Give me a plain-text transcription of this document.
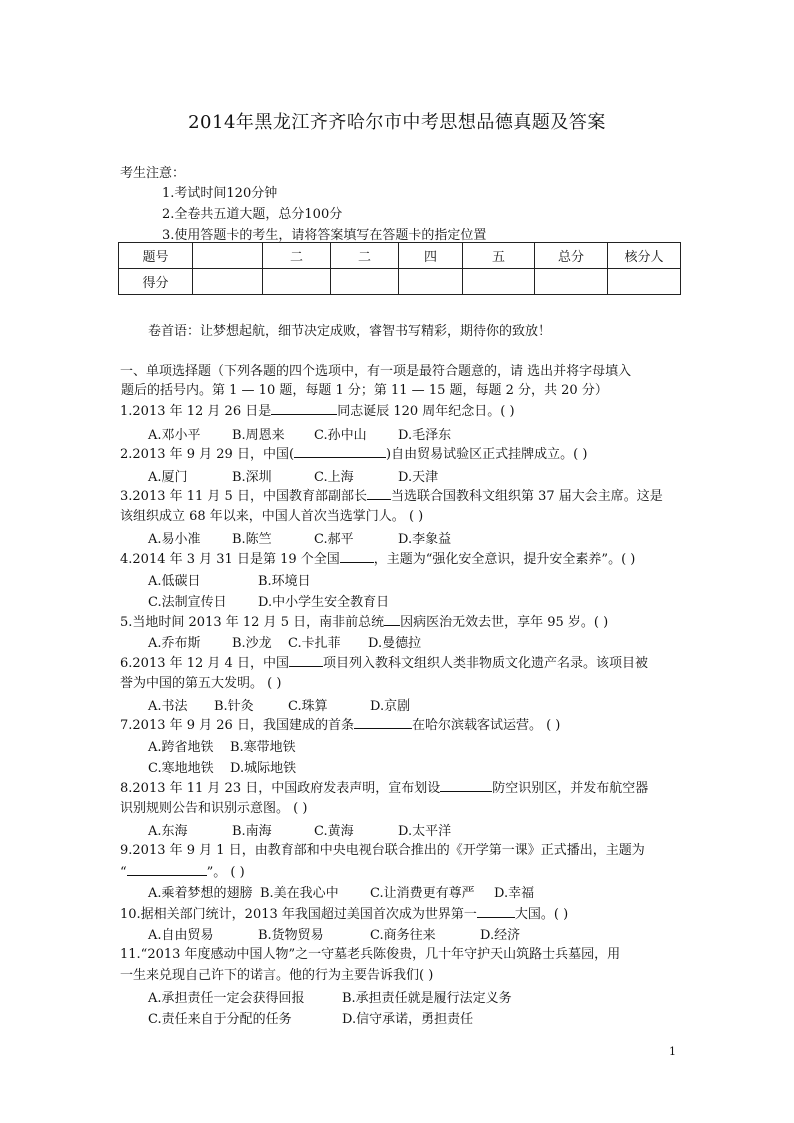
2014年黑龙江齐齐哈尔市中考思想品德真题及答案
考生注意：
1.考试时间120分钟
2.全卷共五道大题，总分100分
3.使用答题卡的考生，请将答案填写在答题卡的指定位置
题号		二	二	四	五	总分	核分人
得分							
卷首语：让梦想起航，细节决定成败，睿智书写精彩，期待你的致放！
一、单项选择题（下列各题的四个选项中，有一项是最符合题意的，请 选出并将字母填入
题后的括号内。第 1 — 10 题，每题 1 分；第 11 — 15 题，每题 2 分，共 20 分）
1.2013 年 12 月 26 日是	同志诞辰 120 周年纪念日。( )
A.邓小平 B.周恩来 C.孙中山 D.毛泽东
2.2013 年 9 月 29 日，中国(	)自由贸易试验区正式挂牌成立。( )
A.厦门	B.深圳	C.上海	D.天津
3.2013 年 11 月 5 日，中国教育部副部长 当选联合国教科文组织第 37 届大会主席。这是
该组织成立 68 年以来，中国人首次当选掌门人。 ( )
A.易小准 B.陈竺	C.郝平	D.李象益
4.2014 年 3 月 31 日是第 19 个全国	，主题为“强化安全意识，提升安全素养”。( )
A.低碳日	B.环境日
C.法制宣传日 D.中小学生安全教育日
5.当地时间 2013 年 12 月 5 日，南非前总统 因病医治无效去世，享年 95 岁。( )
A.乔布斯 B.沙龙 C.卡扎菲 D.曼德拉
6.2013 年 12 月 4 日，中国	项目列入教科文组织人类非物质文化遗产名录。该项目被
誉为中国的第五大发明。 ( )
A.书法 B.针灸	C.珠算	D.京剧
7.2013 年 9 月 26 日，我国建成的首条	在哈尔滨载客试运营。 ( )
A.跨省地铁 B.寒带地铁
C.寒地地铁 D.城际地铁
8.2013 年 11 月 23 日，中国政府发表声明，宣布划设	防空识别区，并发布航空器
识别规则公告和识别示意图。 ( )
A.东海	B.南海	C.黄海	D.太平洋
9.2013 年 9 月 1 日，由教育部和中央电视台联合推出的《开学第一课》正式播出，主题为
“	”。 ( )
A.乘着梦想的翅膀 B.美在我心中 C.让消费更有尊严 D.幸福
10.据相关部门统计，2013 年我国超过美国首次成为世界第一	大国。( )
A.自由贸易	B.货物贸易	C.商务往来	D.经济
11.“2013 年度感动中国人物”之一守墓老兵陈俊贵，几十年守护天山筑路士兵墓园，用
一生来兑现自己许下的诺言。他的行为主要告诉我们( )
A.承担责任一定会获得回报	B.承担责任就是履行法定义务
C.责任来自于分配的任务	D.信守承诺，勇担责任
1
